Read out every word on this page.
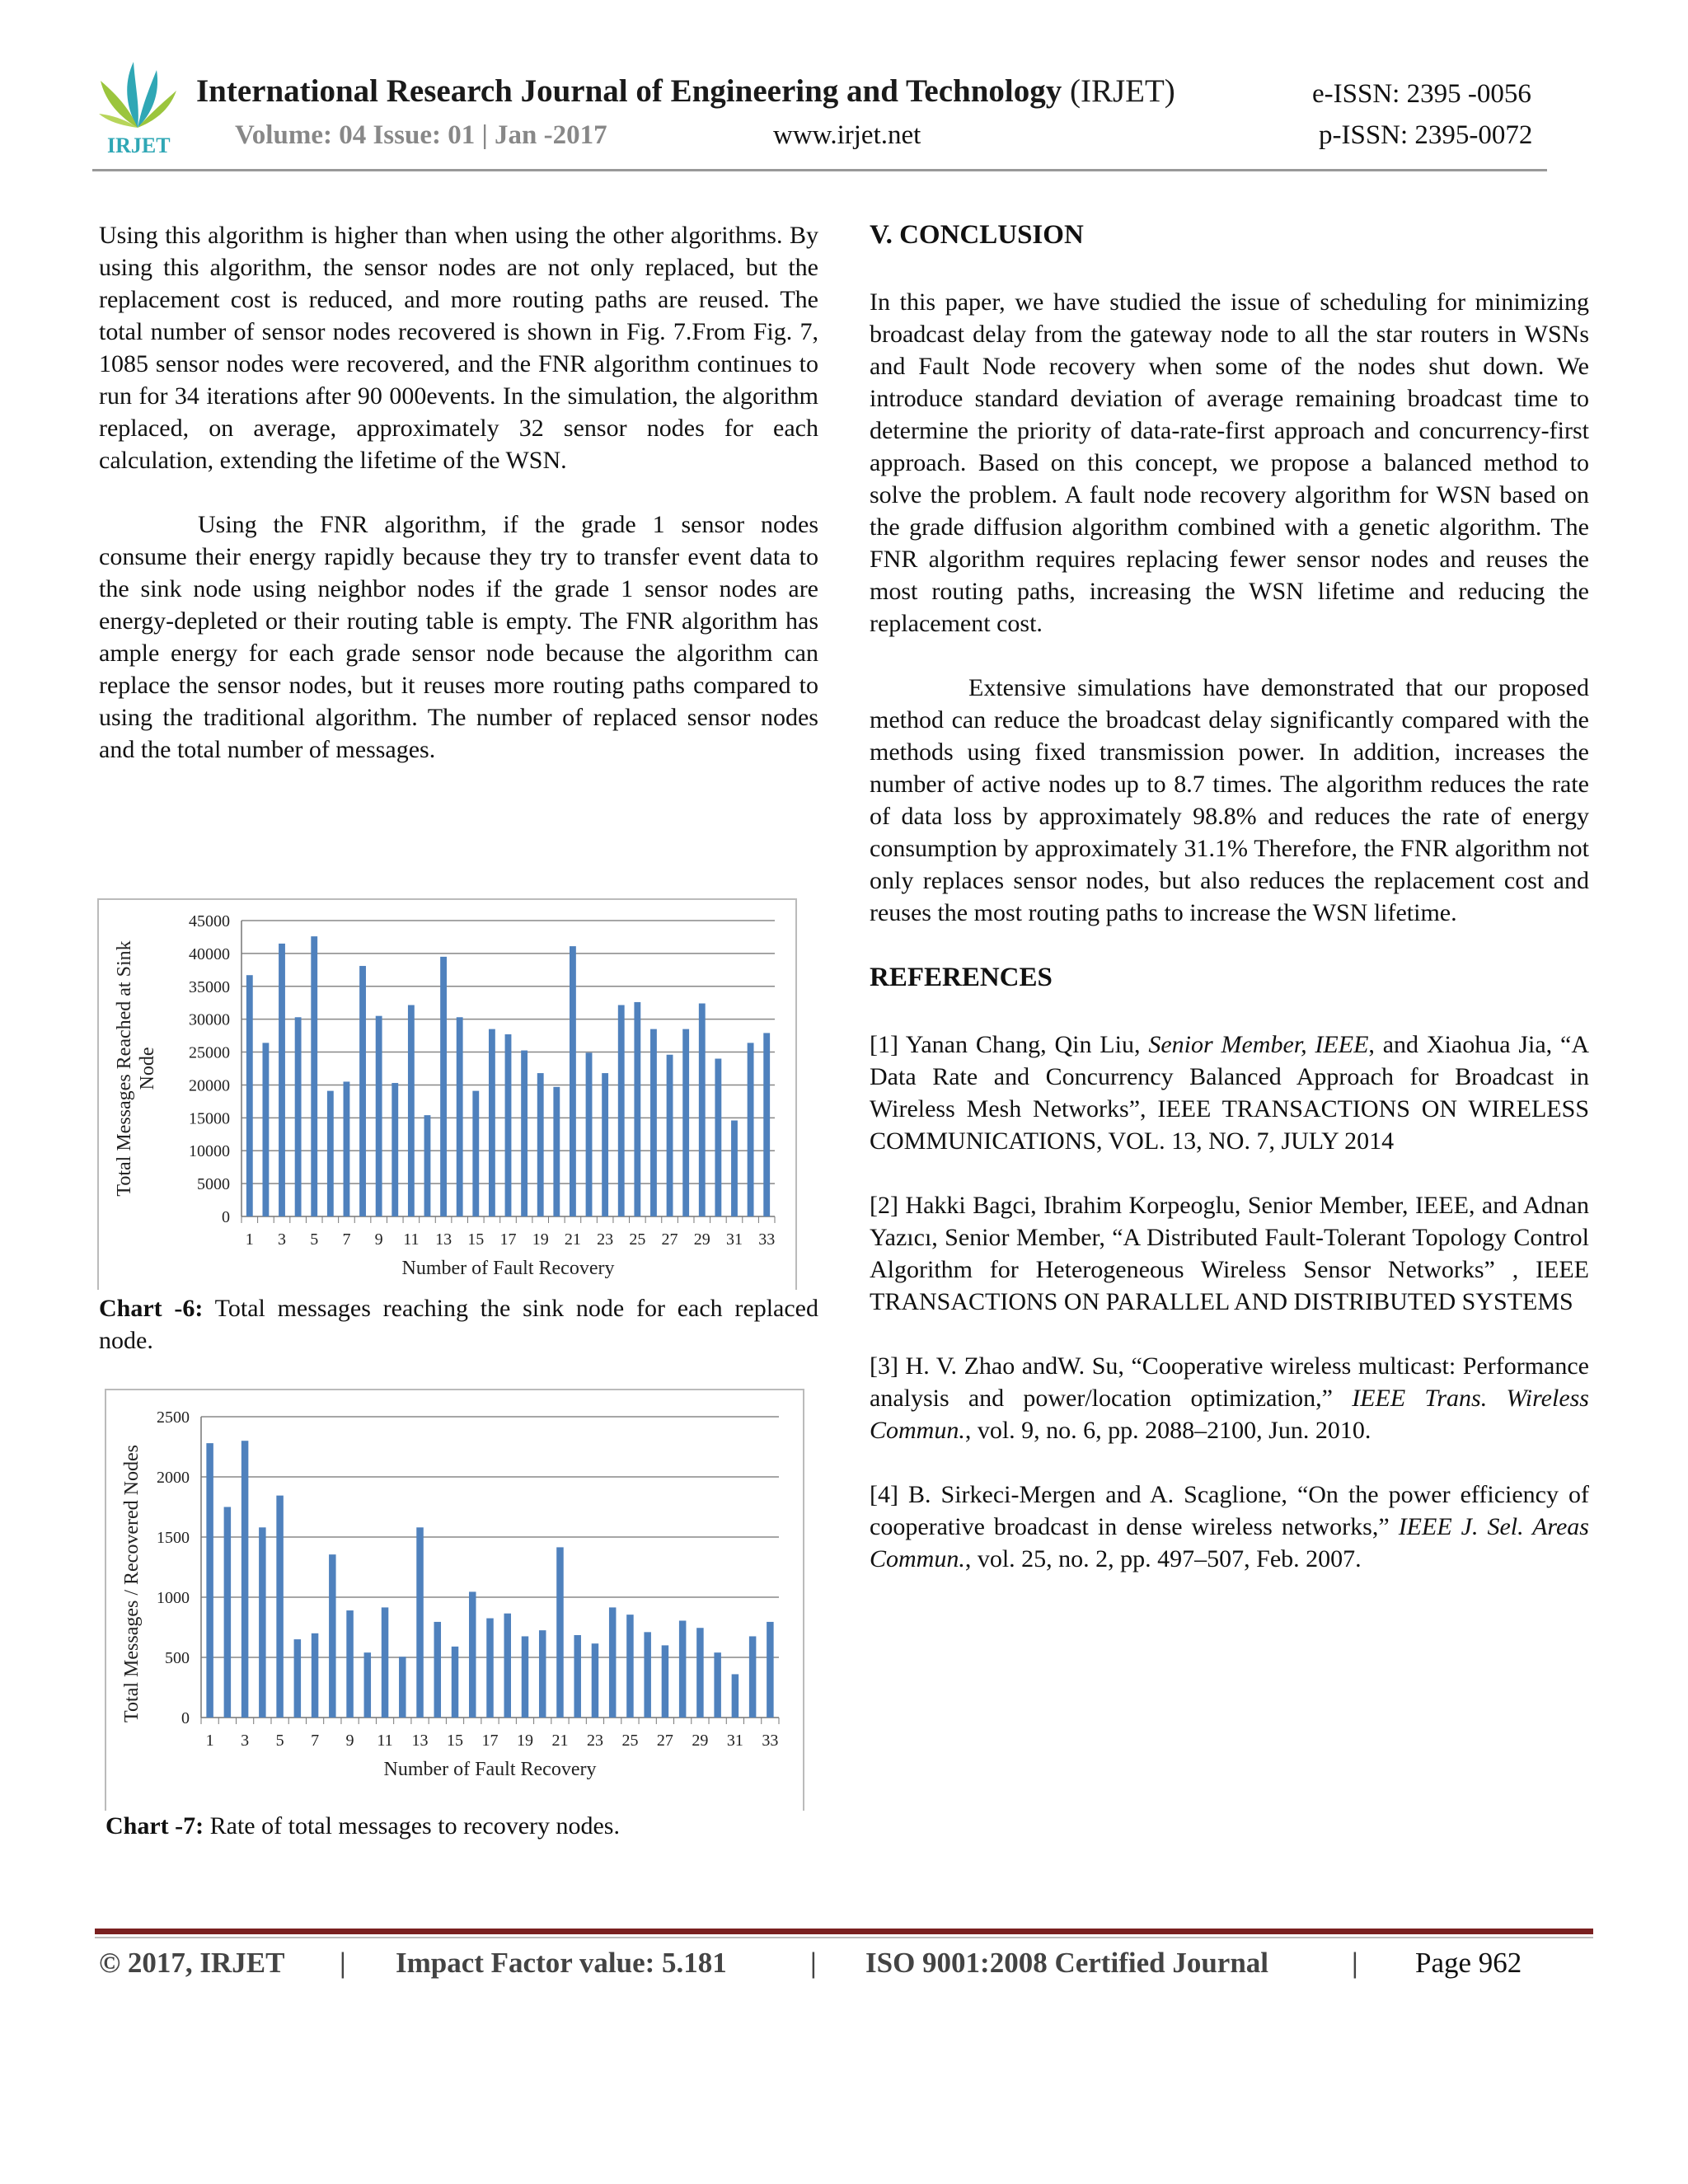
IRJET
International Research Journal of Engineering and Technology (IRJET)
Volume: 04 Issue: 01 | Jan -2017	www.irjet.net
e-ISSN: 2395 -0056
p-ISSN: 2395-0072

Using this algorithm is higher than when using the other algorithms. By using this algorithm, the sensor nodes are not only replaced, but the replacement cost is reduced, and more routing paths are reused. The total number of sensor nodes recovered is shown in Fig. 7.From Fig. 7, 1085 sensor nodes were recovered, and the FNR algorithm continues to run for 34 iterations after 90 000events. In the simulation, the algorithm replaced, on average, approximately 32 sensor nodes for each calculation, extending the lifetime of the WSN.

Using the FNR algorithm, if the grade 1 sensor nodes consume their energy rapidly because they try to transfer event data to the sink node using neighbor nodes if the grade 1 sensor nodes are energy-depleted or their routing table is empty. The FNR algorithm has ample energy for each grade sensor node because the algorithm can replace the sensor nodes, but it reuses more routing paths compared to using the traditional algorithm. The number of replaced sensor nodes and the total number of messages.

0
5000
10000
15000
20000
25000
30000
35000
40000
45000
1 3 5 7 9 11 13 15 17 19 21 23 25 27 29 31 33
Number of Fault Recovery
Total Messages Reached at Sink Node
Chart -6: Total messages reaching the sink node for each replaced node.
0
500
1000
1500
2000
2500
1 3 5 7 9 11 13 15 17 19 21 23 25 27 29 31 33
Number of Fault Recovery
Total Messages / Recovered Nodes
Chart -7: Rate of total messages to recovery nodes.
V. CONCLUSION

In this paper, we have studied the issue of scheduling for minimizing broadcast delay from the gateway node to all the star routers in WSNs and Fault Node recovery when some of the nodes shut down. We introduce standard deviation of average remaining broadcast time to determine the priority of data-rate-first approach and concurrency-first approach. Based on this concept, we propose a balanced method to solve the problem. A fault node recovery algorithm for WSN based on the grade diffusion algorithm combined with a genetic algorithm. The FNR algorithm requires replacing fewer sensor nodes and reuses the most routing paths, increasing the WSN lifetime and reducing the replacement cost.

Extensive simulations have demonstrated that our proposed method can reduce the broadcast delay significantly compared with the methods using fixed transmission power. In addition, increases the number of active nodes up to 8.7 times. The algorithm reduces the rate of data loss by approximately 98.8% and reduces the rate of energy consumption by approximately 31.1% Therefore, the FNR algorithm not only replaces sensor nodes, but also reduces the replacement cost and reuses the most routing paths to increase the WSN lifetime.

REFERENCES

[1] Yanan Chang, Qin Liu, Senior Member, IEEE, and Xiaohua Jia, “A Data Rate and Concurrency Balanced Approach for Broadcast in Wireless Mesh Networks”, IEEE TRANSACTIONS ON WIRELESS COMMUNICATIONS, VOL. 13, NO. 7, JULY 2014

[2] Hakki Bagci, Ibrahim Korpeoglu, Senior Member, IEEE, and Adnan Yazıcı, Senior Member, “A Distributed Fault-Tolerant Topology Control Algorithm for Heterogeneous Wireless Sensor Networks” , IEEE TRANSACTIONS ON PARALLEL AND DISTRIBUTED SYSTEMS

[3] H. V. Zhao andW. Su, “Cooperative wireless multicast: Performance analysis and power/location optimization,” IEEE Trans. Wireless Commun., vol. 9, no. 6, pp. 2088–2100, Jun. 2010.

[4] B. Sirkeci-Mergen and A. Scaglione, “On the power efficiency of cooperative broadcast in dense wireless networks,” IEEE J. Sel. Areas Commun., vol. 25, no. 2, pp. 497–507, Feb. 2007.

© 2017, IRJET | Impact Factor value: 5.181	| ISO 9001:2008 Certified Journal	| Page 962
